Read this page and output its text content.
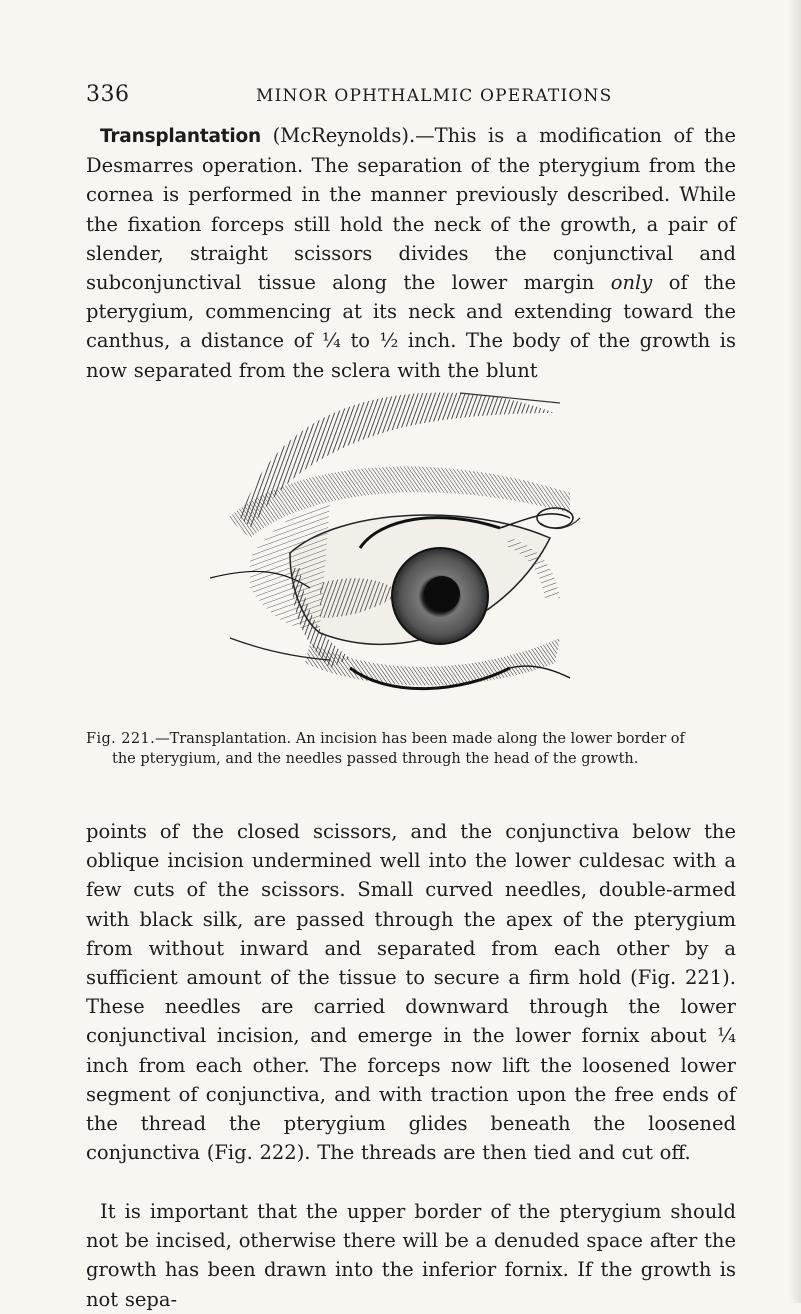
336	MINOR OPHTHALMIC OPERATIONS

Transplantation (McReynolds).—This is a modification of the Desmarres operation. The separation of the pterygium from the cornea is performed in the manner previously described. While the fixation forceps still hold the neck of the growth, a pair of slender, straight scissors divides the conjunctival and subconjunctival tissue along the lower margin only of the pterygium, commencing at its neck and extending toward the canthus, a distance of ¼ to ½ inch. The body of the growth is now separated from the sclera with the blunt

Fig. 221.—Transplantation. An incision has been made along the lower border of
the pterygium, and the needles passed through the head of the growth.

points of the closed scissors, and the conjunctiva below the oblique incision undermined well into the lower culdesac with a few cuts of the scissors. Small curved needles, double-armed with black silk, are passed through the apex of the pterygium from without inward and separated from each other by a sufficient amount of the tissue to secure a firm hold (Fig. 221). These needles are carried downward through the lower conjunctival incision, and emerge in the lower fornix about ¼ inch from each other. The forceps now lift the loosened lower segment of conjunctiva, and with traction upon the free ends of the thread the pterygium glides beneath the loosened conjunctiva (Fig. 222). The threads are then tied and cut off.

It is important that the upper border of the pterygium should not be incised, otherwise there will be a denuded space after the growth has been drawn into the inferior fornix. If the growth is not sepa-
